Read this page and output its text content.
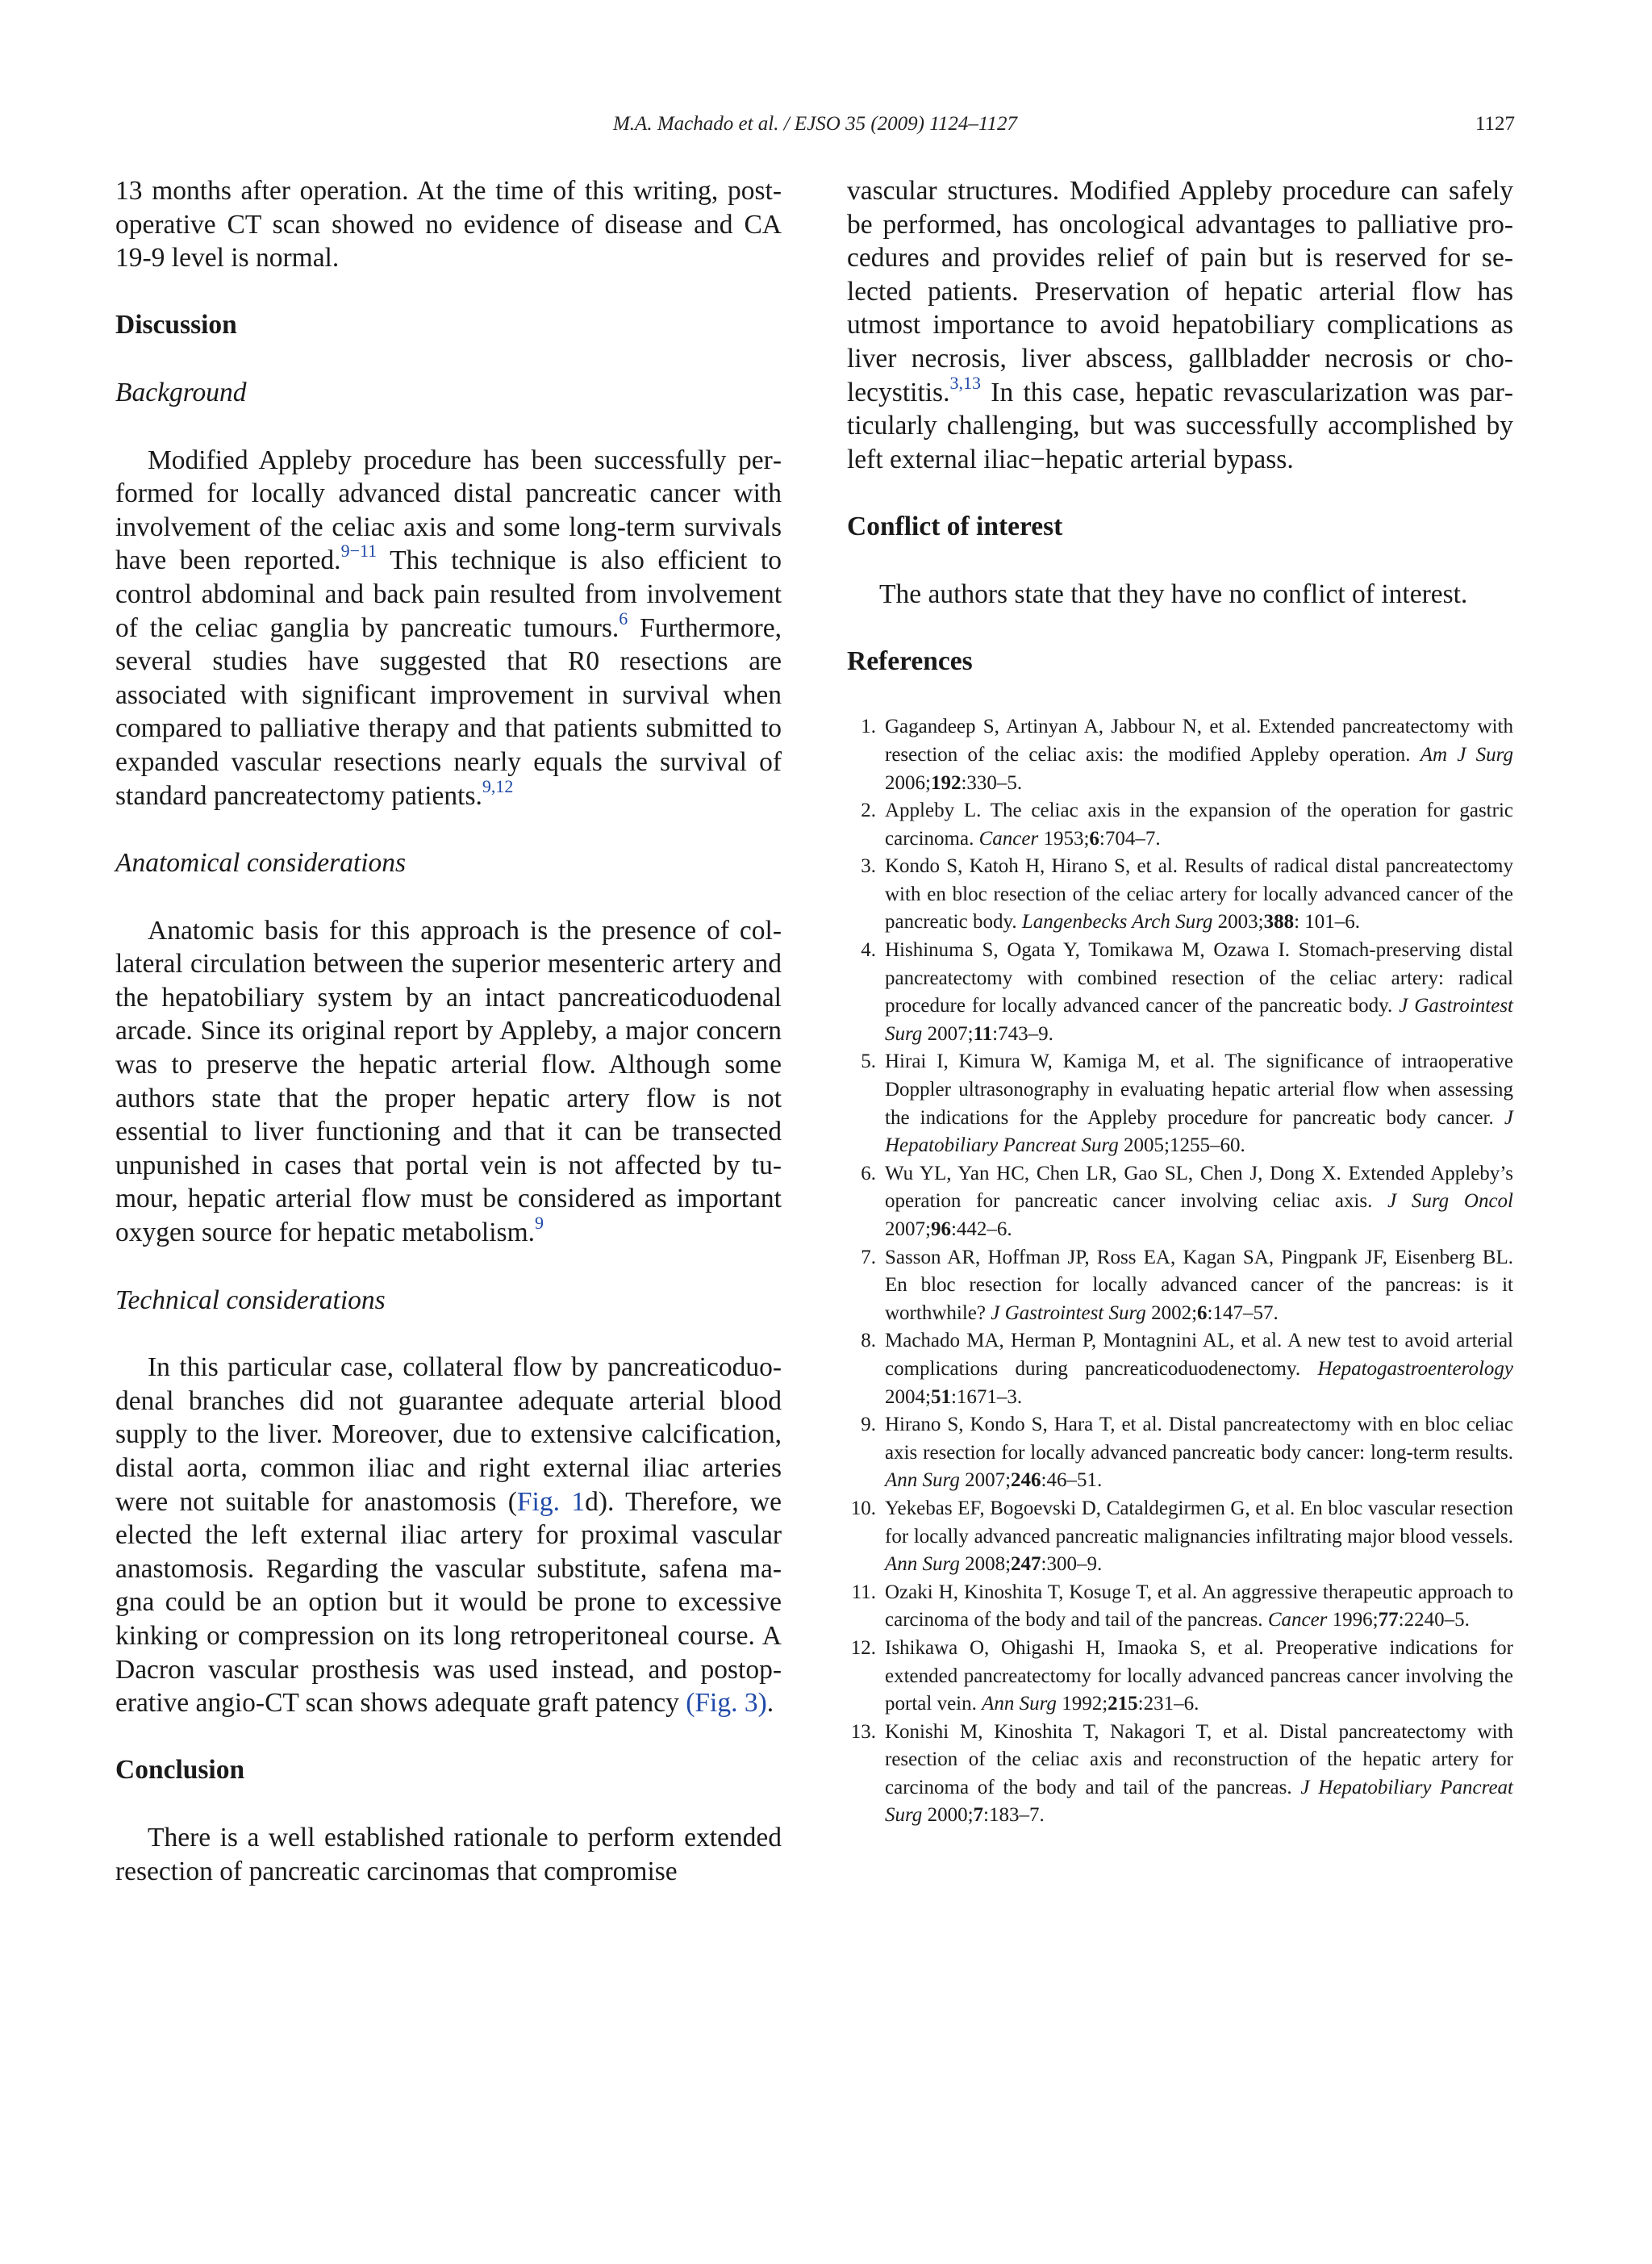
M.A. Machado et al. / EJSO 35 (2009) 1124–1127	1127

13 months after operation. At the time of this writing, postoperative CT scan showed no evidence of disease and CA 19-9 level is normal.

Discussion
Background

Modified Appleby procedure has been successfully performed for locally advanced distal pancreatic cancer with involvement of the celiac axis and some long-term survivals have been reported.$^{9-11}$ This technique is also efficient to control abdominal and back pain resulted from involvement of the celiac ganglia by pancreatic tumours.$^6$ Furthermore, several studies have suggested that R0 resections are associated with significant improvement in survival when compared to palliative therapy and that patients submitted to expanded vascular resections nearly equals the survival of standard pancreatectomy patients.$^{9,12}$

Anatomical considerations

Anatomic basis for this approach is the presence of collateral circulation between the superior mesenteric artery and the hepatobiliary system by an intact pancreaticoduodenal arcade. Since its original report by Appleby, a major concern was to preserve the hepatic arterial flow. Although some authors state that the proper hepatic artery flow is not essential to liver functioning and that it can be transected unpunished in cases that portal vein is not affected by tumour, hepatic arterial flow must be considered as important oxygen source for hepatic metabolism.$^9$

Technical considerations

In this particular case, collateral flow by pancreaticoduodenal branches did not guarantee adequate arterial blood supply to the liver. Moreover, due to extensive calcification, distal aorta, common iliac and right external iliac arteries were not suitable for anastomosis (Fig. 1d). Therefore, we elected the left external iliac artery for proximal vascular anastomosis. Regarding the vascular substitute, safena magna could be an option but it would be prone to excessive kinking or compression on its long retroperitoneal course. A Dacron vascular prosthesis was used instead, and postoperative angio-CT scan shows adequate graft patency (Fig. 3).

Conclusion

There is a well established rationale to perform extended resection of pancreatic carcinomas that compromise

vascular structures. Modified Appleby procedure can safely be performed, has oncological advantages to palliative procedures and provides relief of pain but is reserved for selected patients. Preservation of hepatic arterial flow has utmost importance to avoid hepatobiliary complications as liver necrosis, liver abscess, gallbladder necrosis or cholecystitis.$^{3,13}$ In this case, hepatic revascularization was particularly challenging, but was successfully accomplished by left external iliac−hepatic arterial bypass.

Conflict of interest

The authors state that they have no conflict of interest.

References
1. Gagandeep S, Artinyan A, Jabbour N, et al. Extended pancreatectomy with resection of the celiac axis: the modified Appleby operation. Am J Surg 2006;192:330–5.
2. Appleby L. The celiac axis in the expansion of the operation for gastric carcinoma. Cancer 1953;6:704–7.
3. Kondo S, Katoh H, Hirano S, et al. Results of radical distal pancreatectomy with en bloc resection of the celiac artery for locally advanced cancer of the pancreatic body. Langenbecks Arch Surg 2003;388: 101–6.
4. Hishinuma S, Ogata Y, Tomikawa M, Ozawa I. Stomach-preserving distal pancreatectomy with combined resection of the celiac artery: radical procedure for locally advanced cancer of the pancreatic body. J Gastrointest Surg 2007;11:743–9.
5. Hirai I, Kimura W, Kamiga M, et al. The significance of intraoperative Doppler ultrasonography in evaluating hepatic arterial flow when assessing the indications for the Appleby procedure for pancreatic body cancer. J Hepatobiliary Pancreat Surg 2005;1255–60.
6. Wu YL, Yan HC, Chen LR, Gao SL, Chen J, Dong X. Extended Appleby’s operation for pancreatic cancer involving celiac axis. J Surg Oncol 2007;96:442–6.
7. Sasson AR, Hoffman JP, Ross EA, Kagan SA, Pingpank JF, Eisenberg BL. En bloc resection for locally advanced cancer of the pancreas: is it worthwhile? J Gastrointest Surg 2002;6:147–57.
8. Machado MA, Herman P, Montagnini AL, et al. A new test to avoid arterial complications during pancreaticoduodenectomy. Hepatogastroenterology 2004;51:1671–3.
9. Hirano S, Kondo S, Hara T, et al. Distal pancreatectomy with en bloc celiac axis resection for locally advanced pancreatic body cancer: long-term results. Ann Surg 2007;246:46–51.
10. Yekebas EF, Bogoevski D, Cataldegirmen G, et al. En bloc vascular resection for locally advanced pancreatic malignancies infiltrating major blood vessels. Ann Surg 2008;247:300–9.
11. Ozaki H, Kinoshita T, Kosuge T, et al. An aggressive therapeutic approach to carcinoma of the body and tail of the pancreas. Cancer 1996;77:2240–5.
12. Ishikawa O, Ohigashi H, Imaoka S, et al. Preoperative indications for extended pancreatectomy for locally advanced pancreas cancer involving the portal vein. Ann Surg 1992;215:231–6.
13. Konishi M, Kinoshita T, Nakagori T, et al. Distal pancreatectomy with resection of the celiac axis and reconstruction of the hepatic artery for carcinoma of the body and tail of the pancreas. J Hepatobiliary Pancreat Surg 2000;7:183–7.
